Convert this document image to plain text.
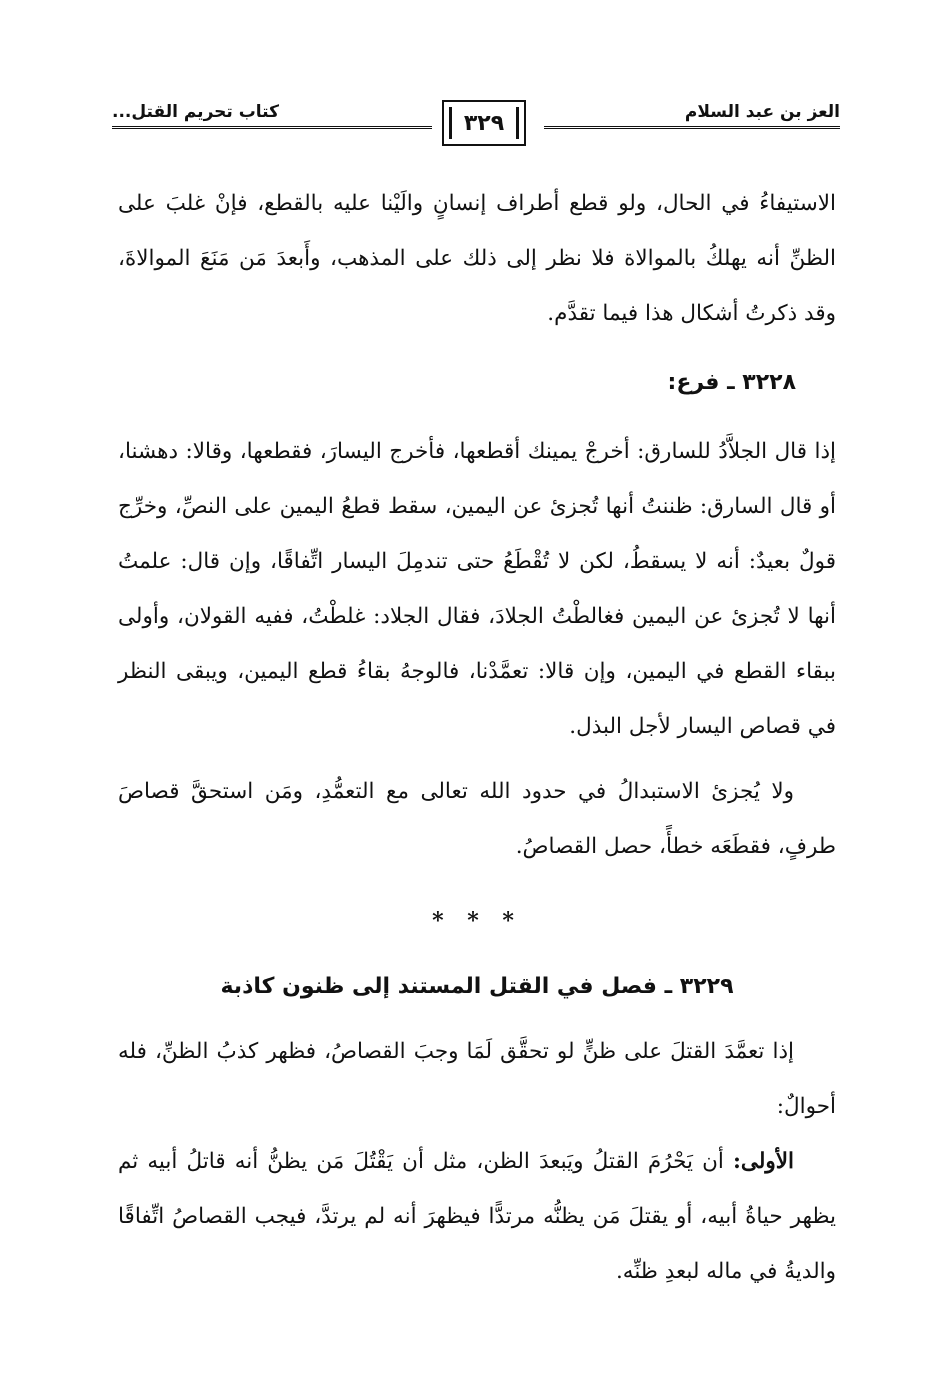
العز بن عبد السلام
٣٢٩
كتاب تحريم القتل...

الاستيفاءُ في الحال، ولو قطع أطراف إنسانٍ والَيْنا عليه بالقطع، فإنْ غلبَ على الظنِّ أنه يهلكُ بالموالاة فلا نظر إلى ذلك على المذهب، وأَبعدَ مَن مَنَعَ الموالاةَ، وقد ذكرتُ أشكال هذا فيما تقدَّم.

٣٢٢٨ ـ فرع:

إذا قال الجلاَّدُ للسارق: أخرجْ يمينك أقطعها، فأخرج اليسارَ، فقطعها، وقالا: دهشنا، أو قال السارق: ظننتُ أنها تُجزئ عن اليمين، سقط قطعُ اليمين على النصِّ، وخرِّج قولٌ بعيدٌ: أنه لا يسقطُ، لكن لا تُقْطَعُ حتى تندمِلَ اليسار اتِّفاقًا، وإن قال: علمتُ أنها لا تُجزئ عن اليمين فغالطْتُ الجلادَ، فقال الجلاد: غلطْتُ، ففيه القولان، وأولى ببقاء القطع في اليمين، وإن قالا: تعمَّدْنا، فالوجهُ بقاءُ قطع اليمين، ويبقى النظر في قصاص اليسار لأجل البذل.

ولا يُجزئ الاستبدالُ في حدود الله تعالى مع التعمُّدِ، ومَن استحقَّ قصاصَ طرفٍ، فقطَعَه خطأً، حصل القصاصُ.

* * *

٣٢٢٩ ـ فصل في القتل المستند إلى ظنون كاذبة

إذا تعمَّدَ القتلَ على ظنٍّ لو تحقَّق لَمَا وجبَ القصاصُ، فظهر كذبُ الظنِّ، فله أحوالٌ:

الأولى: أن يَحْرُمَ القتلُ ويَبعدَ الظن، مثل أن يَقْتُلَ مَن يظنُّ أنه قاتلُ أبيه ثم يظهر حياةُ أبيه، أو يقتلَ مَن يظنُّه مرتدًّا فيظهرَ أنه لم يرتدَّ، فيجب القصاصُ اتِّفاقًا والديةُ في ماله لبعدِ ظنِّه.
